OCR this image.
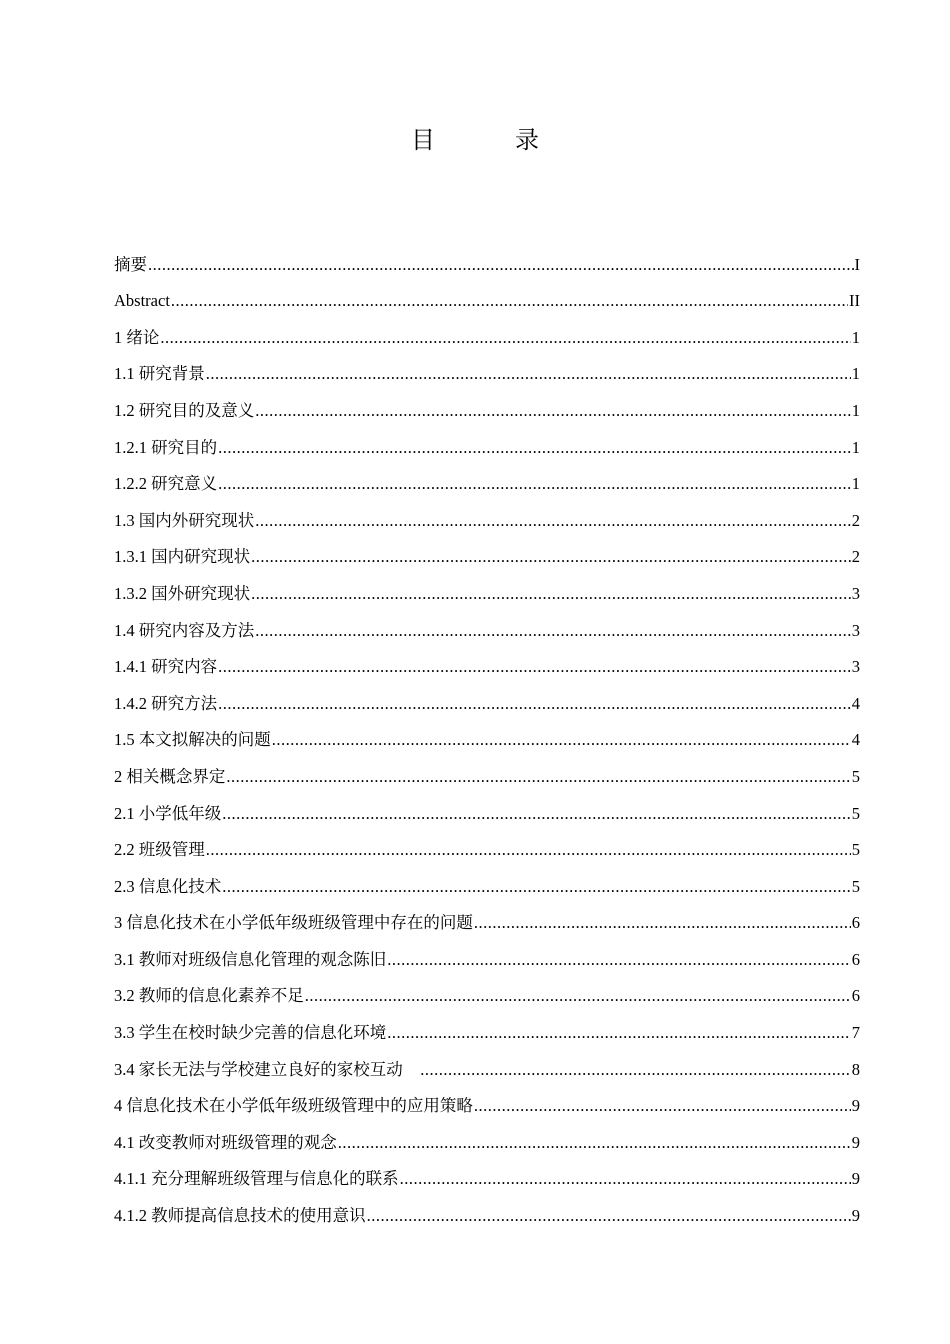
目　录
摘要 .....	I
Abstract .....	II
1 绪论 .....	1
1.1 研究背景 .....	1
1.2 研究目的及意义 .....	1
1.2.1 研究目的 .....	1
1.2.2 研究意义 .....	1
1.3 国内外研究现状 .....	2
1.3.1 国内研究现状 .....	2
1.3.2 国外研究现状 .....	3
1.4 研究内容及方法 .....	3
1.4.1 研究内容 .....	3
1.4.2 研究方法 .....	4
1.5 本文拟解决的问题 .....	4
2 相关概念界定 .....	5
2.1 小学低年级 .....	5
2.2 班级管理 .....	5
2.3 信息化技术 .....	5
3 信息化技术在小学低年级班级管理中存在的问题 .....	6
3.1 教师对班级信息化管理的观念陈旧 .....	6
3.2 教师的信息化素养不足 .....	6
3.3 学生在校时缺少完善的信息化环境 .....	7
3.4 家长无法与学校建立良好的家校互动 .....	8
4 信息化技术在小学低年级班级管理中的应用策略 .....	9
4.1 改变教师对班级管理的观念 .....	9
4.1.1 充分理解班级管理与信息化的联系 .....	9
4.1.2 教师提高信息技术的使用意识 .....	9
